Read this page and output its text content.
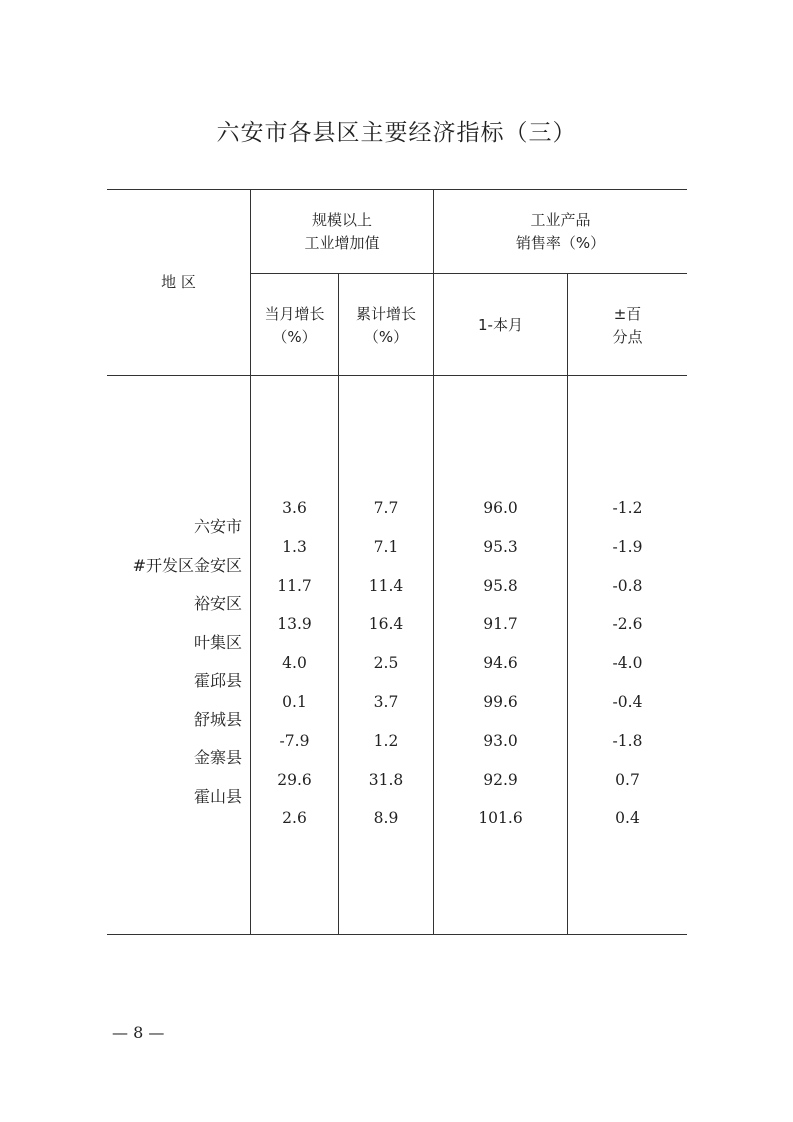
六安市各县区主要经济指标（三）
地 区
规模以上
工业增加值
工业产品
销售率（%）
当月增长
（%）
累计增长
（%）
1-本月
±百
分点
六安市
#开发区金安区
裕安区
叶集区
霍邱县
舒城县
金寨县
霍山县
3.6
1.3
11.7
13.9
4.0
0.1
-7.9
29.6
2.6
7.7
7.1
11.4
16.4
2.5
3.7
1.2
31.8
8.9
96.0
95.3
95.8
91.7
94.6
99.6
93.0
92.9
101.6
-1.2
-1.9
-0.8
-2.6
-4.0
-0.4
-1.8
0.7
0.4
— 8 —
